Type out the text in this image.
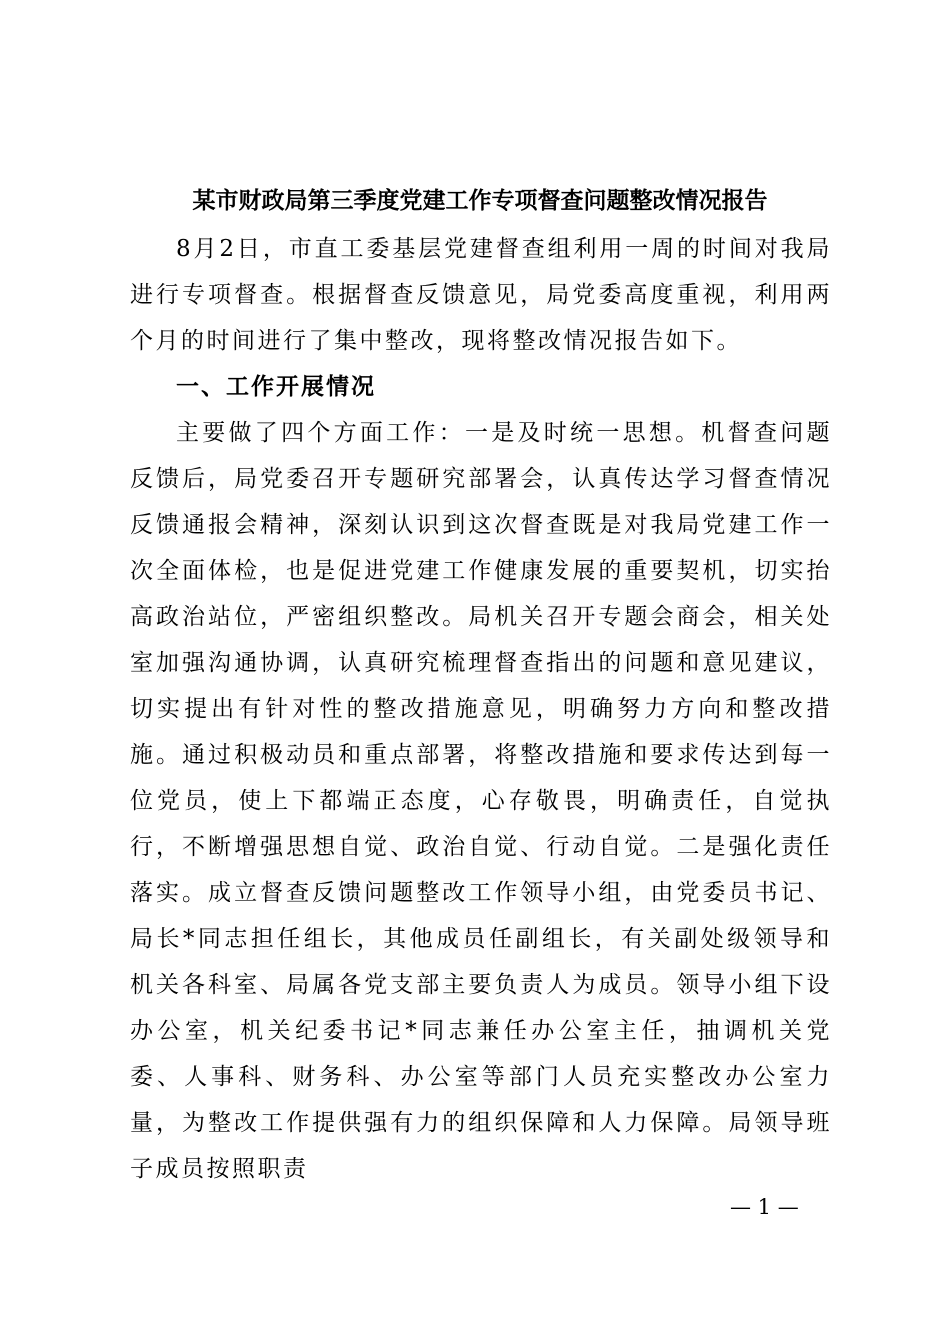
某市财政局第三季度党建工作专项督查问题整改情况报告

8月2日，市直工委基层党建督查组利用一周的时间对我局进行专项督查。根据督查反馈意见，局党委高度重视，利用两个月的时间进行了集中整改，现将整改情况报告如下。

一、工作开展情况

主要做了四个方面工作：一是及时统一思想。机督查问题反馈后，局党委召开专题研究部署会，认真传达学习督查情况反馈通报会精神，深刻认识到这次督查既是对我局党建工作一次全面体检，也是促进党建工作健康发展的重要契机，切实抬高政治站位，严密组织整改。局机关召开专题会商会，相关处室加强沟通协调，认真研究梳理督查指出的问题和意见建议，切实提出有针对性的整改措施意见，明确努力方向和整改措施。通过积极动员和重点部署，将整改措施和要求传达到每一位党员，使上下都端正态度，心存敬畏，明确责任，自觉执行，不断增强思想自觉、政治自觉、行动自觉。二是强化责任落实。成立督查反馈问题整改工作领导小组，由党委员书记、局长*同志担任组长，其他成员任副组长，有关副处级领导和机关各科室、局属各党支部主要负责人为成员。领导小组下设办公室，机关纪委书记*同志兼任办公室主任，抽调机关党委、人事科、财务科、办公室等部门人员充实整改办公室力量，为整改工作提供强有力的组织保障和人力保障。局领导班子成员按照职责

— 1 —
